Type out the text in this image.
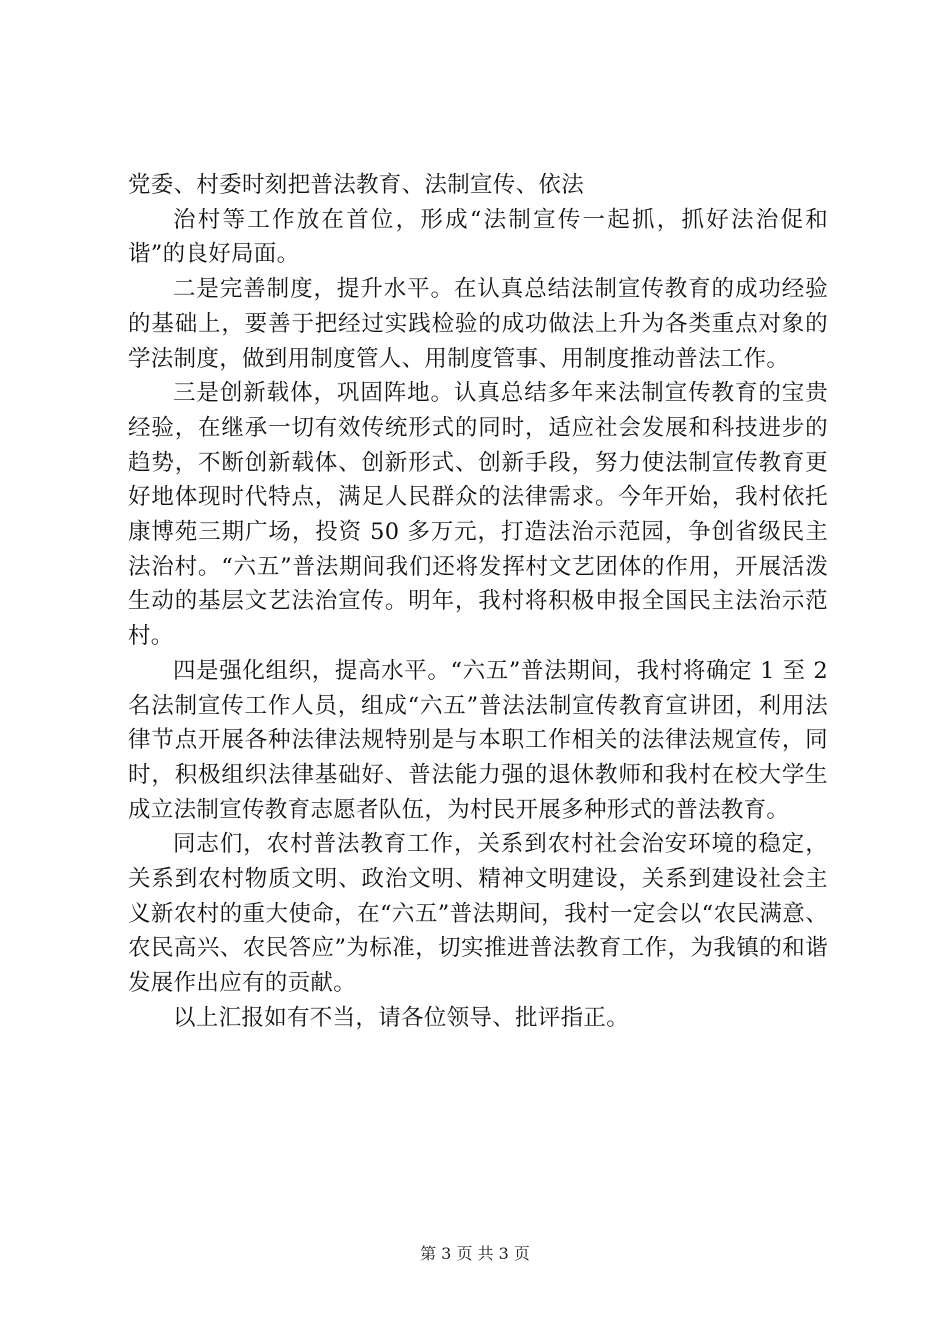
党委、村委时刻把普法教育、法制宣传、依法

治村等工作放在首位，形成“法制宣传一起抓，抓好法治促和谐”的良好局面。

二是完善制度，提升水平。在认真总结法制宣传教育的成功经验的基础上，要善于把经过实践检验的成功做法上升为各类重点对象的学法制度，做到用制度管人、用制度管事、用制度推动普法工作。

三是创新载体，巩固阵地。认真总结多年来法制宣传教育的宝贵经验，在继承一切有效传统形式的同时，适应社会发展和科技进步的趋势，不断创新载体、创新形式、创新手段，努力使法制宣传教育更好地体现时代特点，满足人民群众的法律需求。今年开始，我村依托康博苑三期广场，投资 50 多万元，打造法治示范园，争创省级民主法治村。“六五”普法期间我们还将发挥村文艺团体的作用，开展活泼生动的基层文艺法治宣传。明年，我村将积极申报全国民主法治示范村。

四是强化组织，提高水平。“六五”普法期间，我村将确定 1 至 2 名法制宣传工作人员，组成“六五”普法法制宣传教育宣讲团，利用法律节点开展各种法律法规特别是与本职工作相关的法律法规宣传，同时，积极组织法律基础好、普法能力强的退休教师和我村在校大学生成立法制宣传教育志愿者队伍，为村民开展多种形式的普法教育。

同志们，农村普法教育工作，关系到农村社会治安环境的稳定，关系到农村物质文明、政治文明、精神文明建设，关系到建设社会主义新农村的重大使命，在“六五”普法期间，我村一定会以“农民满意、农民高兴、农民答应”为标准，切实推进普法教育工作，为我镇的和谐发展作出应有的贡献。

以上汇报如有不当，请各位领导、批评指正。

第 3 页 共 3 页
